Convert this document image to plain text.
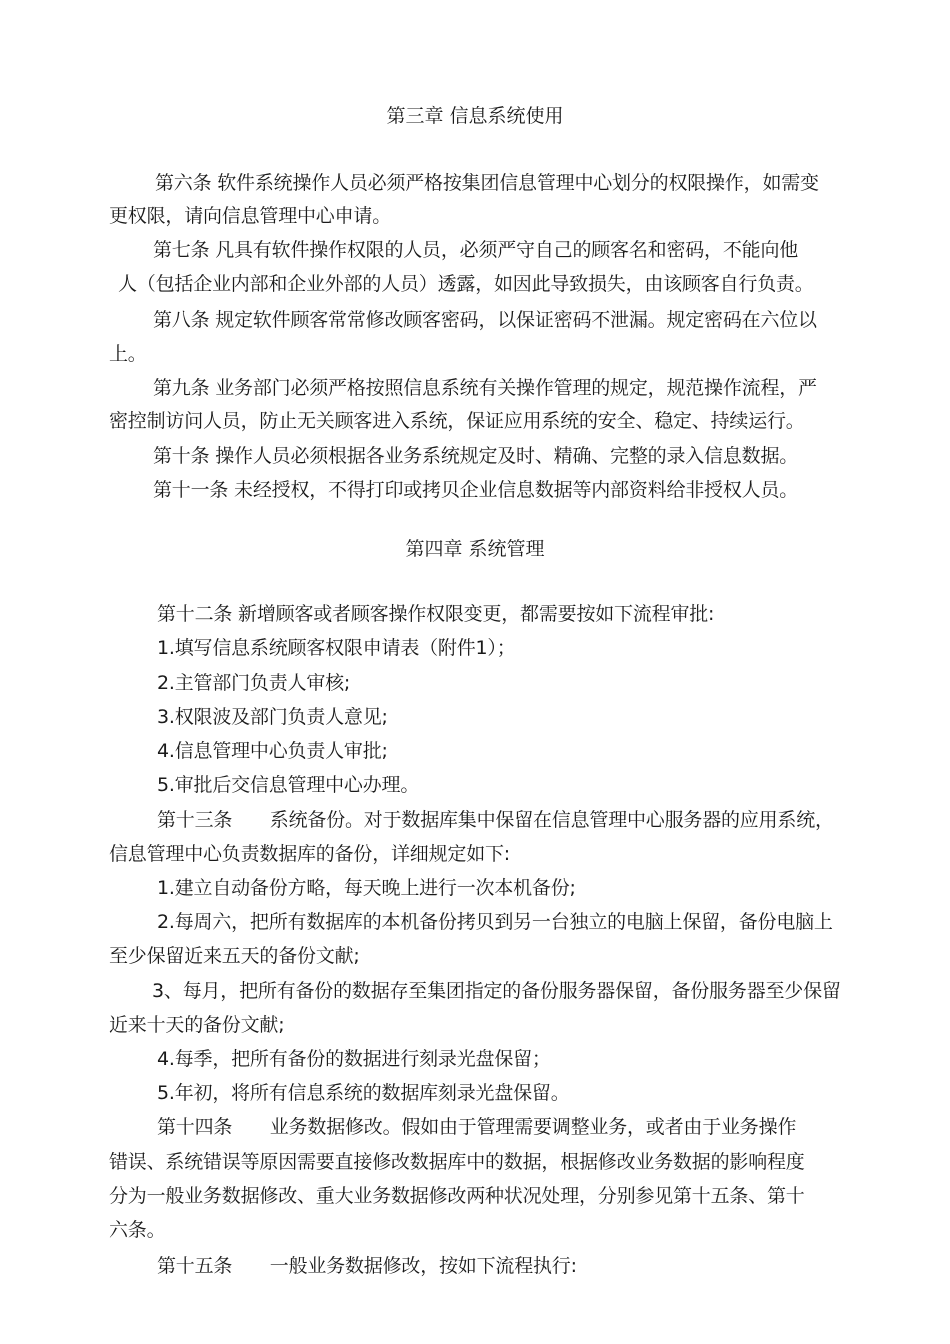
第三章 信息系统使用
第六条 软件系统操作人员必须严格按集团信息管理中心划分的权限操作，如需变
更权限，请向信息管理中心申请。
第七条 凡具有软件操作权限的人员，必须严守自己的顾客名和密码，不能向他
人（包括企业内部和企业外部的人员）透露，如因此导致损失，由该顾客自行负责。
第八条 规定软件顾客常常修改顾客密码，以保证密码不泄漏。规定密码在六位以
上。
第九条 业务部门必须严格按照信息系统有关操作管理的规定，规范操作流程，严
密控制访问人员，防止无关顾客进入系统，保证应用系统的安全、稳定、持续运行。
第十条 操作人员必须根据各业务系统规定及时、精确、完整的录入信息数据。
第十一条 未经授权，不得打印或拷贝企业信息数据等内部资料给非授权人员。
第四章 系统管理
第十二条 新增顾客或者顾客操作权限变更，都需要按如下流程审批:
1.填写信息系统顾客权限申请表（附件1）；
2.主管部门负责人审核;
3.权限波及部门负责人意见;
4.信息管理中心负责人审批;
5.审批后交信息管理中心办理。
第十三条　　系统备份。对于数据库集中保留在信息管理中心服务器的应用系统，
信息管理中心负责数据库的备份，详细规定如下:
1.建立自动备份方略，每天晚上进行一次本机备份;
2.每周六，把所有数据库的本机备份拷贝到另一台独立的电脑上保留，备份电脑上
至少保留近来五天的备份文献;
3、每月，把所有备份的数据存至集团指定的备份服务器保留，备份服务器至少保留
近来十天的备份文献;
4.每季，把所有备份的数据进行刻录光盘保留；
5.年初，将所有信息系统的数据库刻录光盘保留。
第十四条　　业务数据修改。假如由于管理需要调整业务，或者由于业务操作
错误、系统错误等原因需要直接修改数据库中的数据，根据修改业务数据的影响程度
分为一般业务数据修改、重大业务数据修改两种状况处理，分别参见第十五条、第十
六条。
第十五条　　一般业务数据修改，按如下流程执行:
